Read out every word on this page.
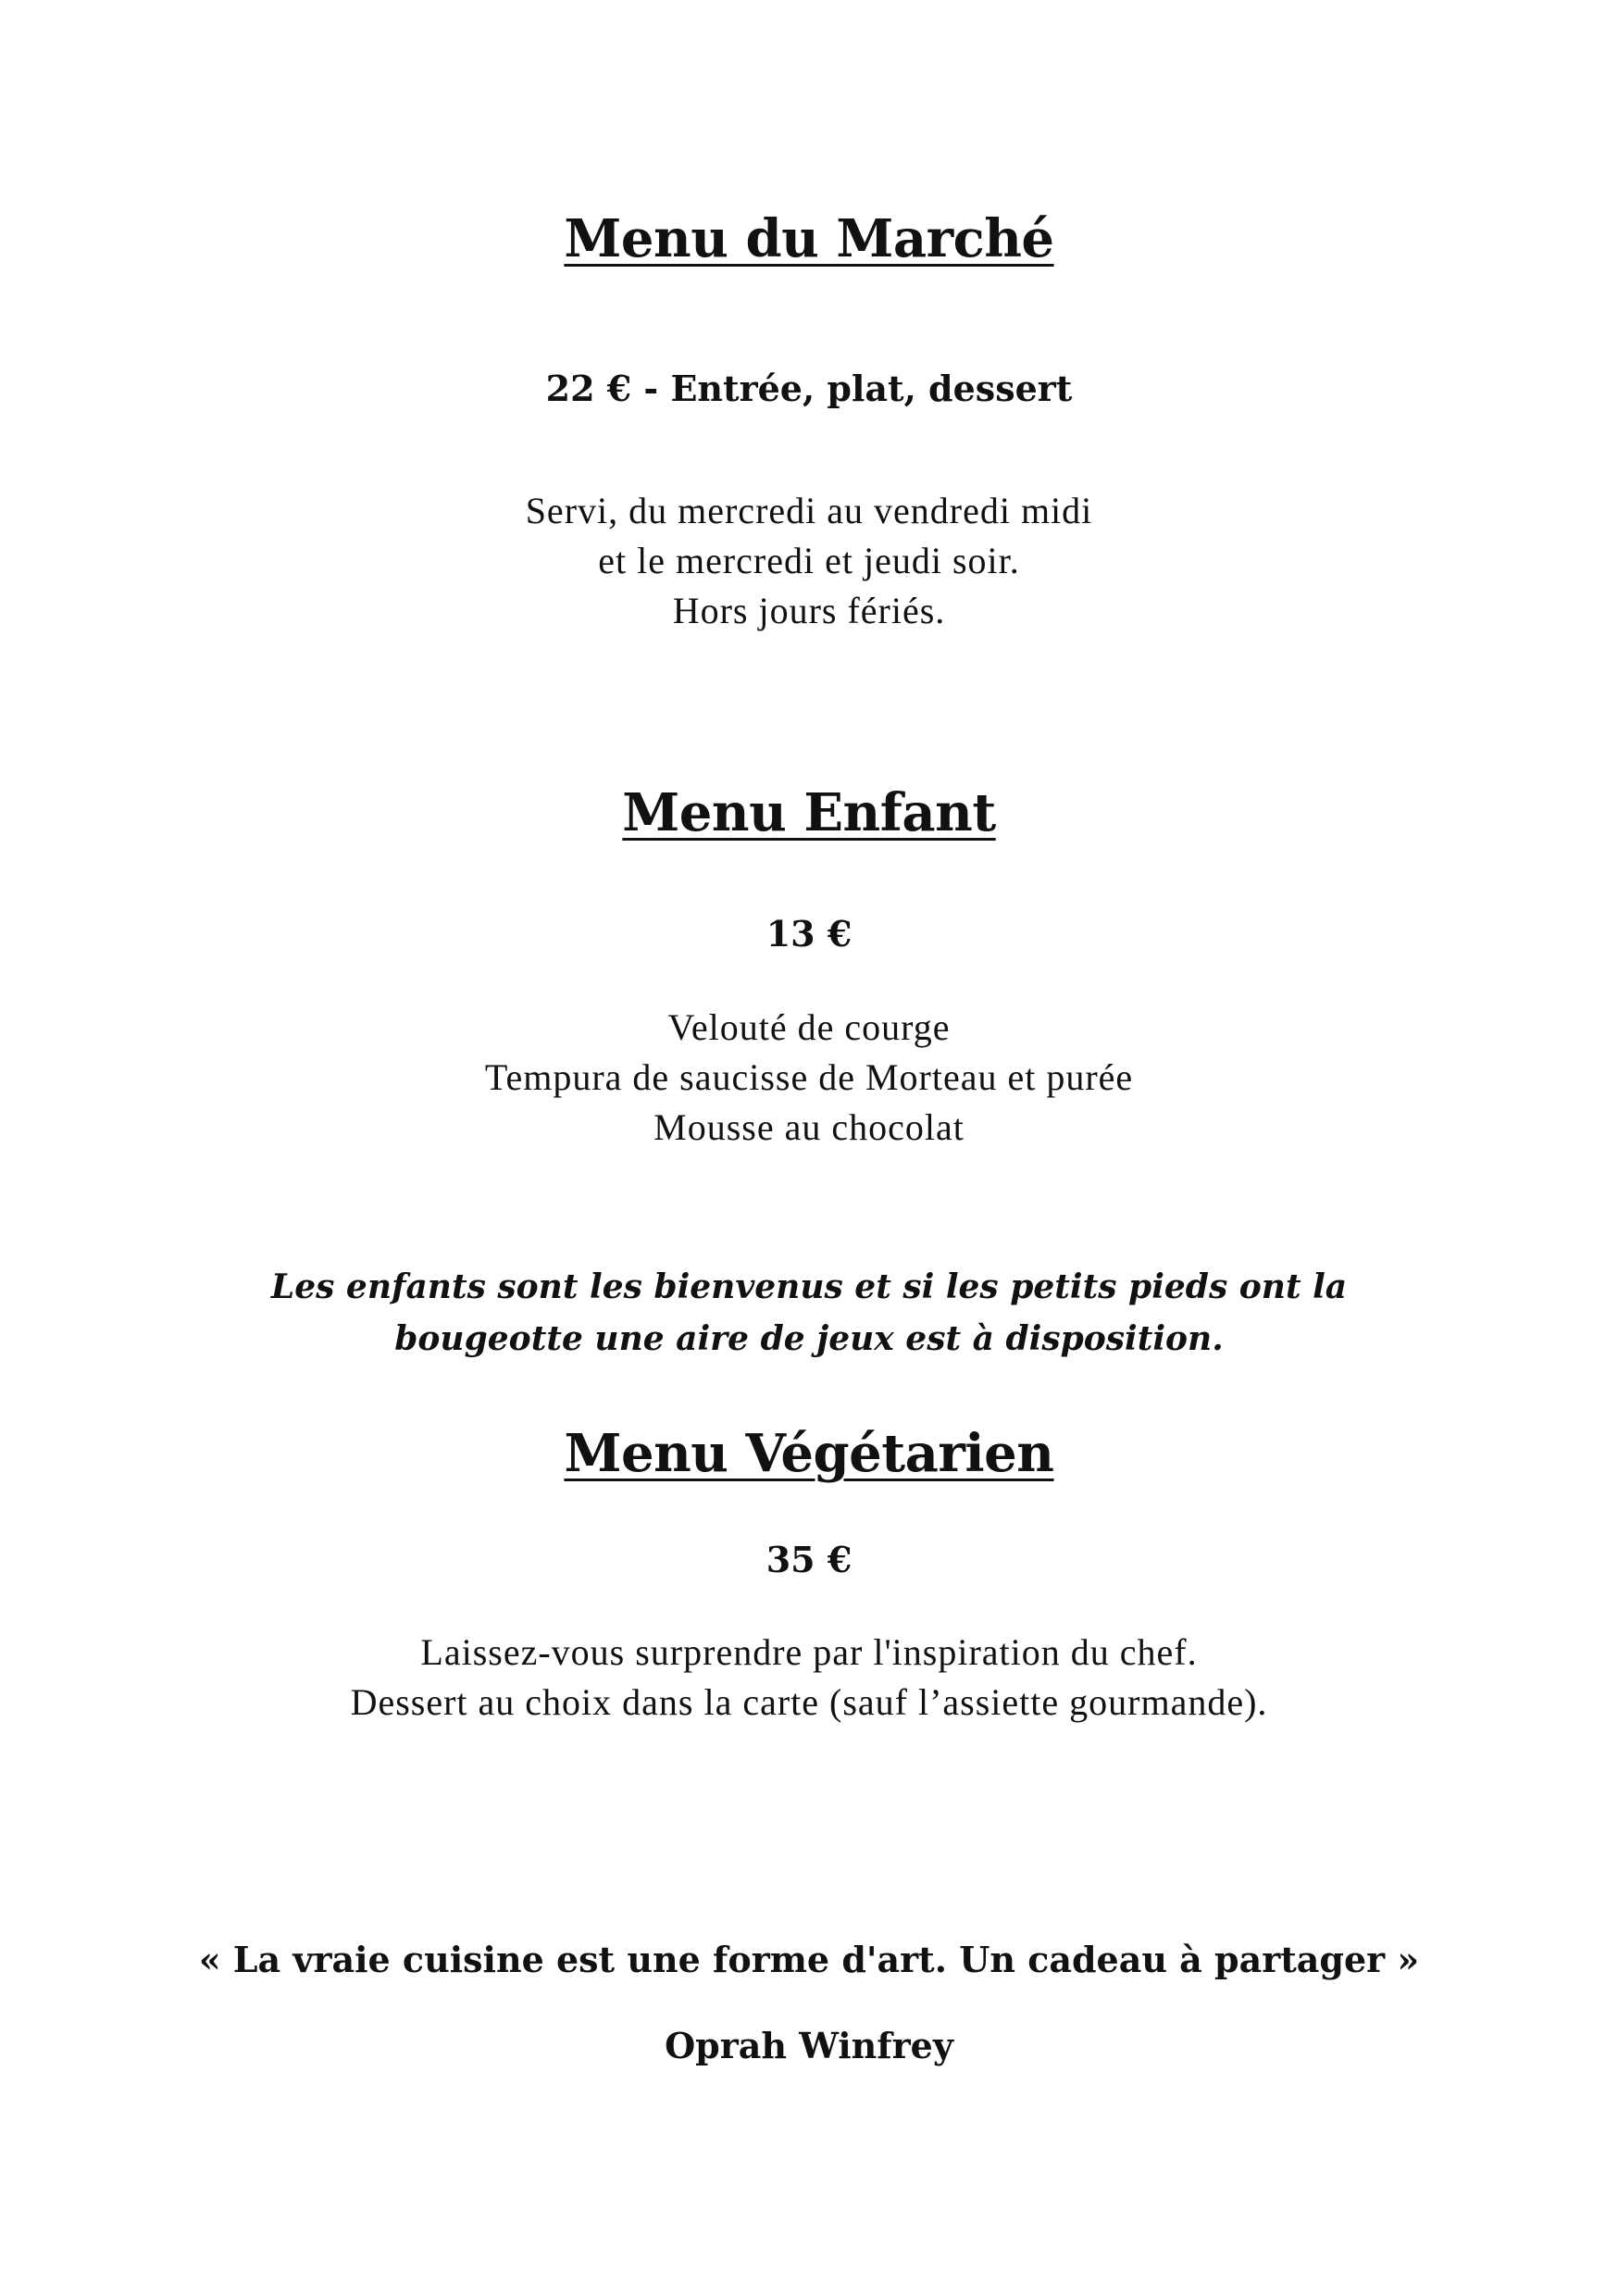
Menu du Marché

22 € - Entrée, plat, dessert

Servi, du mercredi au vendredi midi
et le mercredi et jeudi soir.
Hors jours fériés.
Menu Enfant

13 €

Velouté de courge
Tempura de saucisse de Morteau et purée
Mousse au chocolat
Les enfants sont les bienvenus et si les petits pieds ont la
bougeotte une aire de jeux est à disposition.
Menu Végétarien

35 €

Laissez-vous surprendre par l'inspiration du chef.
Dessert au choix dans la carte (sauf l’assiette gourmande).

« La vraie cuisine est une forme d'art. Un cadeau à partager »

Oprah Winfrey
